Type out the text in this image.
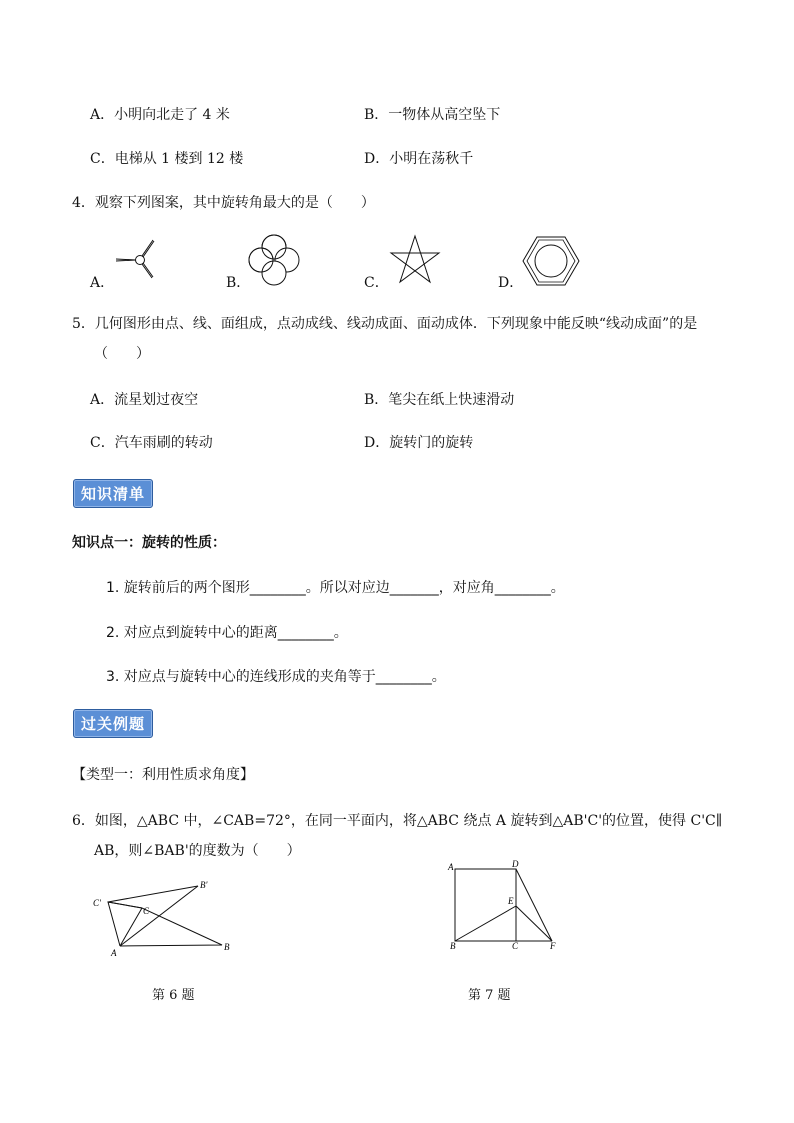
A．小明向北走了 4 米	B．一物体从高空坠下
C．电梯从 1 楼到 12 楼	D．小明在荡秋千
4．观察下列图案，其中旋转角最大的是（　　）
A．	B．	C．	D．
5．几何图形由点、线、面组成，点动成线、线动成面、面动成体．下列现象中能反映“线动成面”的是
（　　）
A．流星划过夜空	B．笔尖在纸上快速滑动
C．汽车雨刷的转动	D．旋转门的旋转
知识清单
知识点一：旋转的性质：
1. 旋转前后的两个图形________。所以对应边_______，对应角________。
2. 对应点到旋转中心的距离________。
3. 对应点与旋转中心的连线形成的夹角等于________。
过关例题
【类型一：利用性质求角度】
6．如图，△ABC 中，∠CAB=72°，在同一平面内，将△ABC 绕点 A 旋转到△AB'C'的位置，使得 C'C∥
AB，则∠BAB'的度数为（　　）
C'
C
B'
A
B
A	D
E
B	C	F
第 6 题	第 7 题
